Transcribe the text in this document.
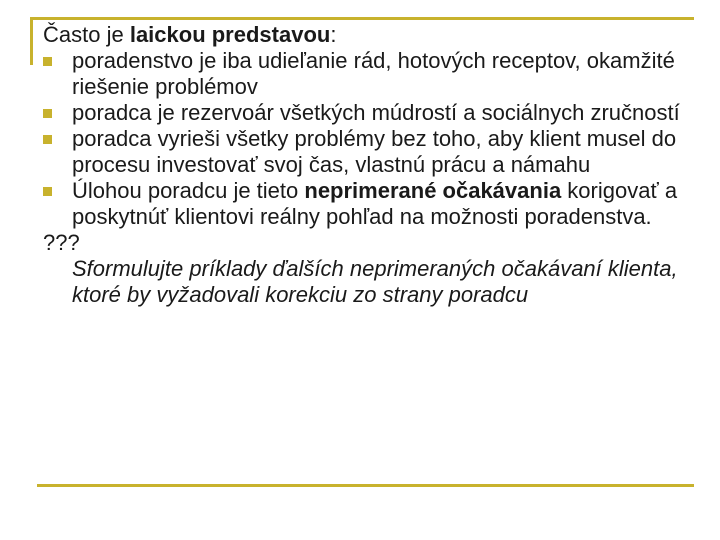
Často je laickou predstavou:

poradenstvo je iba udieľanie rád, hotových receptov, okamžité riešenie problémov
poradca je rezervoár všetkých múdrostí a sociálnych zručností
poradca vyrieši všetky problémy bez toho, aby klient musel do procesu investovať svoj čas, vlastnú prácu a námahu
Úlohou poradcu je tieto neprimerané očakávania korigovať a poskytnúť klientovi reálny pohľad na možnosti poradenstva.

???

Sformulujte príklady ďalších neprimeraných očakávaní klienta, ktoré by vyžadovali korekciu zo strany poradcu
